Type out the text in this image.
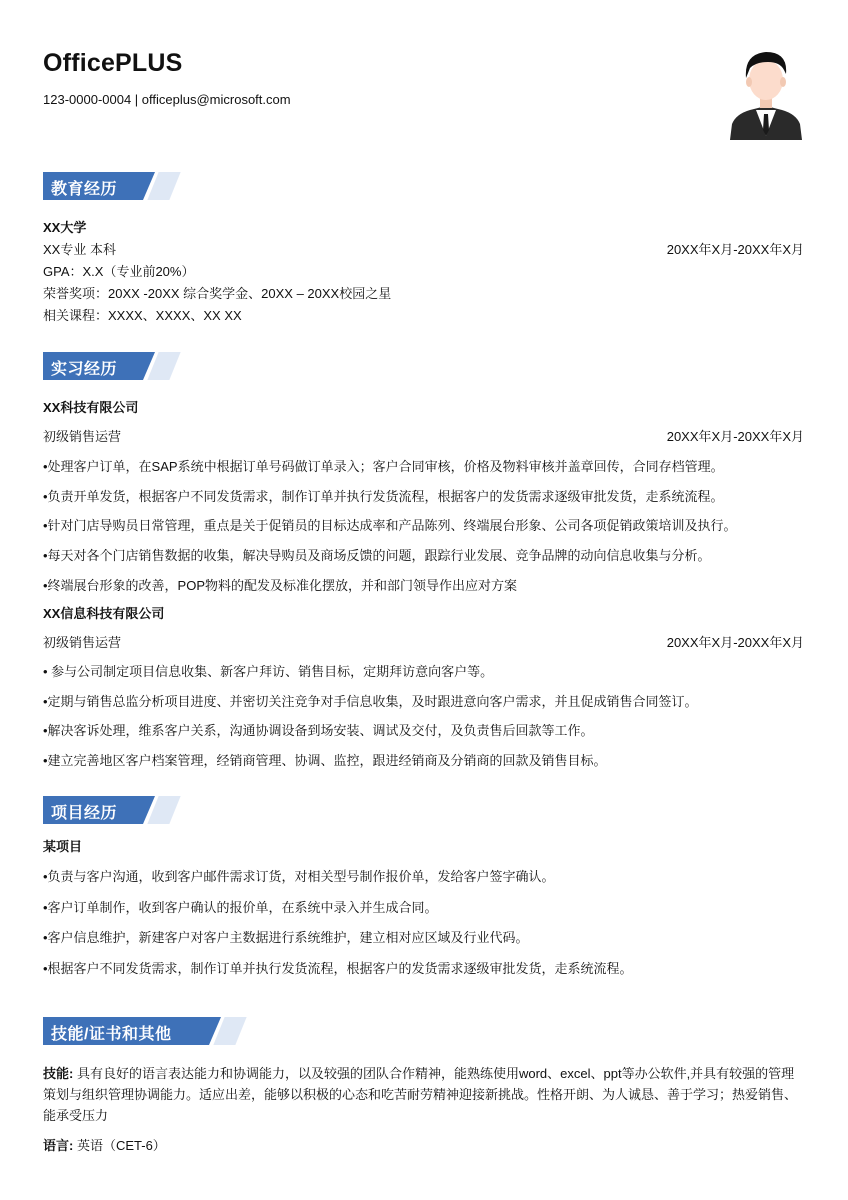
OfficePLUS
123-0000-0004 | officeplus@microsoft.com
教育经历
XX大学
XX专业 本科	20XX年X月-20XX年X月
GPA：X.X（专业前20%）
荣誉奖项：20XX -20XX 综合奖学金、20XX – 20XX校园之星
相关课程：XXXX、XXXX、XX XX
实习经历
XX科技有限公司
初级销售运营	20XX年X月-20XX年X月
•处理客户订单，在SAP系统中根据订单号码做订单录入；客户合同审核，价格及物料审核并盖章回传，合同存档管理。
•负责开单发货，根据客户不同发货需求，制作订单并执行发货流程，根据客户的发货需求逐级审批发货，走系统流程。
•针对门店导购员日常管理，重点是关于促销员的目标达成率和产品陈列、终端展台形象、公司各项促销政策培训及执行。
•每天对各个门店销售数据的收集，解决导购员及商场反馈的问题，跟踪行业发展、竞争品牌的动向信息收集与分析。
•终端展台形象的改善，POP物料的配发及标准化摆放，并和部门领导作出应对方案
XX信息科技有限公司
初级销售运营	20XX年X月-20XX年X月
• 参与公司制定项目信息收集、新客户拜访、销售目标，定期拜访意向客户等。
•定期与销售总监分析项目进度、并密切关注竞争对手信息收集，及时跟进意向客户需求，并且促成销售合同签订。
•解决客诉处理，维系客户关系，沟通协调设备到场安装、调试及交付，及负责售后回款等工作。
•建立完善地区客户档案管理，经销商管理、协调、监控，跟进经销商及分销商的回款及销售目标。
项目经历
某项目
•负责与客户沟通，收到客户邮件需求订货，对相关型号制作报价单，发给客户签字确认。
•客户订单制作，收到客户确认的报价单，在系统中录入并生成合同。
•客户信息维护，新建客户对客户主数据进行系统维护，建立相对应区域及行业代码。
•根据客户不同发货需求，制作订单并执行发货流程，根据客户的发货需求逐级审批发货，走系统流程。
技能/证书和其他
技能: 具有良好的语言表达能力和协调能力，以及较强的团队合作精神，能熟练使用word、excel、ppt等办公软件,并具有较强的管理策划与组织管理协调能力。适应出差，能够以积极的心态和吃苦耐劳精神迎接新挑战。性格开朗、为人诚恳、善于学习；热爱销售、能承受压力
语言: 英语（CET-6）
